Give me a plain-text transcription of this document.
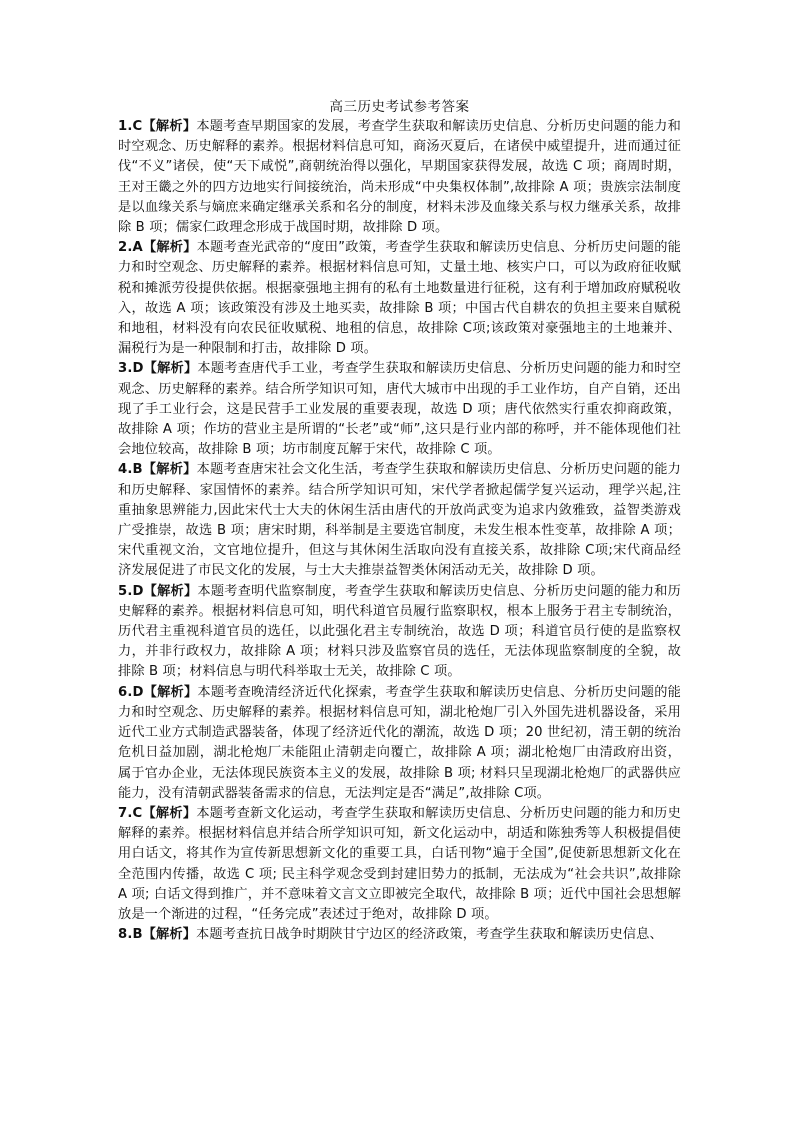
高三历史考试参考答案

1.C【解析】本题考查早期国家的发展，考查学生获取和解读历史信息、分析历史问题的能力和时空观念、历史解释的素养。根据材料信息可知，商汤灭夏后，在诸侯中威望提升，进而通过征伐“不义”诸侯，使“天下咸悦”,商朝统治得以强化，早期国家获得发展，故选 C 项；商周时期，王对王畿之外的四方边地实行间接统治，尚未形成“中央集权体制”,故排除 A 项；贵族宗法制度是以血缘关系与嫡庶来确定继承关系和名分的制度，材料未涉及血缘关系与权力继承关系，故排除 B 项；儒家仁政理念形成于战国时期，故排除 D 项。

2.A【解析】本题考查光武帝的“度田”政策，考查学生获取和解读历史信息、分析历史问题的能力和时空观念、历史解释的素养。根据材料信息可知，丈量土地、核实户口，可以为政府征收赋税和摊派劳役提供依据。根据豪强地主拥有的私有土地数量进行征税，这有利于增加政府赋税收入，故选 A 项；该政策没有涉及土地买卖，故排除 B 项；中国古代自耕农的负担主要来自赋税和地租，材料没有向农民征收赋税、地租的信息，故排除 C项;该政策对豪强地主的土地兼并、漏税行为是一种限制和打击，故排除 D 项。

3.D【解析】本题考查唐代手工业，考查学生获取和解读历史信息、分析历史问题的能力和时空观念、历史解释的素养。结合所学知识可知，唐代大城市中出现的手工业作坊，自产自销，还出现了手工业行会，这是民营手工业发展的重要表现，故选 D 项；唐代依然实行重农抑商政策，故排除 A 项；作坊的营业主是所谓的“长老”或“师”,这只是行业内部的称呼，并不能体现他们社会地位较高，故排除 B 项；坊市制度瓦解于宋代，故排除 C 项。

4.B【解析】本题考查唐宋社会文化生活，考查学生获取和解读历史信息、分析历史问题的能力和历史解释、家国情怀的素养。结合所学知识可知，宋代学者掀起儒学复兴运动，理学兴起,注重抽象思辨能力,因此宋代士大夫的休闲生活由唐代的开放尚武变为追求内敛雅致，益智类游戏广受推崇，故选 B 项；唐宋时期，科举制是主要选官制度，未发生根本性变革，故排除 A 项；宋代重视文治，文官地位提升，但这与其休闲生活取向没有直接关系，故排除 C项;宋代商品经济发展促进了市民文化的发展，与士大夫推崇益智类休闲活动无关，故排除 D 项。

5.D【解析】本题考查明代监察制度，考查学生获取和解读历史信息、分析历史问题的能力和历史解释的素养。根据材料信息可知，明代科道官员履行监察职权，根本上服务于君主专制统治，历代君主重视科道官员的选任，以此强化君主专制统治，故选 D 项；科道官员行使的是监察权力，并非行政权力，故排除 A 项；材料只涉及监察官员的选任，无法体现监察制度的全貌，故排除 B 项；材料信息与明代科举取士无关，故排除 C 项。

6.D【解析】本题考查晚清经济近代化探索，考查学生获取和解读历史信息、分析历史问题的能力和时空观念、历史解释的素养。根据材料信息可知，湖北枪炮厂引入外国先进机器设备，采用近代工业方式制造武器装备，体现了经济近代化的潮流，故选 D 项；20 世纪初，清王朝的统治危机日益加剧，湖北枪炮厂未能阻止清朝走向覆亡，故排除 A 项；湖北枪炮厂由清政府出资，属于官办企业，无法体现民族资本主义的发展，故排除 B 项; 材料只呈现湖北枪炮厂的武器供应能力，没有清朝武器装备需求的信息，无法判定是否“满足”,故排除 C项。

7.C【解析】本题考查新文化运动，考查学生获取和解读历史信息、分析历史问题的能力和历史解释的素养。根据材料信息并结合所学知识可知，新文化运动中，胡适和陈独秀等人积极提倡使用白话文，将其作为宣传新思想新文化的重要工具，白话刊物“遍于全国”,促使新思想新文化在全范围内传播，故选 C 项; 民主科学观念受到封建旧势力的抵制，无法成为“社会共识”,故排除 A 项; 白话文得到推广，并不意味着文言文立即被完全取代，故排除 B 项；近代中国社会思想解放是一个渐进的过程，“任务完成”表述过于绝对，故排除 D 项。

8.B【解析】本题考查抗日战争时期陕甘宁边区的经济政策，考查学生获取和解读历史信息、
